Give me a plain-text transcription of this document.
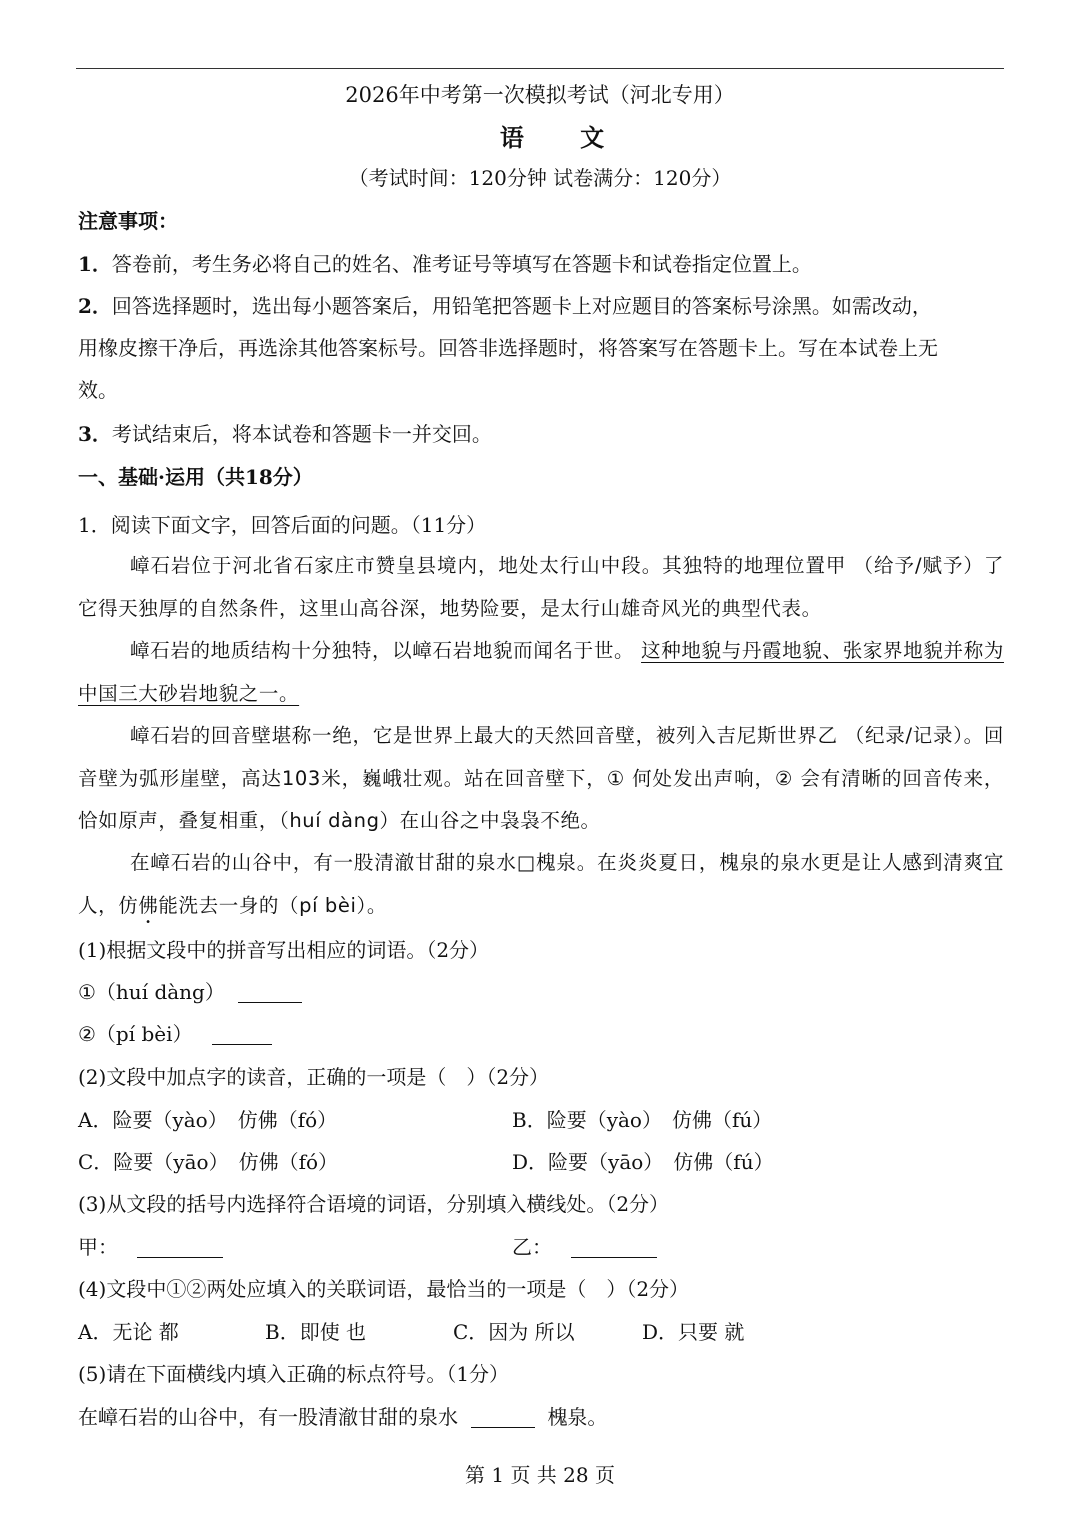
2026年中考第一次模拟考试（河北专用）
语 文
（考试时间：120分钟 试卷满分：120分）
注意事项：
1．答卷前，考生务必将自己的姓名、准考证号等填写在答题卡和试卷指定位置上。
2．回答选择题时，选出每小题答案后，用铅笔把答题卡上对应题目的答案标号涂黑。如需改动，
用橡皮擦干净后，再选涂其他答案标号。回答非选择题时，将答案写在答题卡上。写在本试卷上无
效。
3．考试结束后，将本试卷和答题卡一并交回。
一、基础·运用（共18分）
1．阅读下面文字，回答后面的问题。（11分）
嶂石岩位于河北省石家庄市赞皇县境内，地处太行山中段。其独特的地理位置甲 （给予/赋予）了它得天独厚的自然条件，这里山高谷深，地势险要，是太行山雄奇风光的典型代表。
嶂石岩的地质结构十分独特，以嶂石岩地貌而闻名于世。 这种地貌与丹霞地貌、张家界地貌并称为中国三大砂岩地貌之一。
嶂石岩的回音壁堪称一绝，它是世界上最大的天然回音壁，被列入吉尼斯世界乙 （纪录/记录）。回音壁为弧形崖壁，高达103米，巍峨壮观。站在回音壁下，① 何处发出声响，② 会有清晰的回音传来，恰如原声，叠复相重，（huí dàng）在山谷之中袅袅不绝。
在嶂石岩的山谷中，有一股清澈甘甜的泉水□槐泉。在炎炎夏日，槐泉的泉水更是让人感到清爽宜人，仿佛能洗去一身的（pí bèi）。
(1)根据文段中的拼音写出相应的词语。（2分）
①（huí dàng）
②（pí bèi）
(2)文段中加点字的读音，正确的一项是（　）（2分）
A．险要（yào）　仿佛（fó）	B．险要（yào）　仿佛（fú）
C．险要（yāo）　仿佛（fó）	D．险要（yāo）　仿佛（fú）
(3)从文段的括号内选择符合语境的词语，分别填入横线处。（2分）
甲：	乙：
(4)文段中①②两处应填入的关联词语，最恰当的一项是（　）（2分）
A．无论 都	B．即使 也	C．因为 所以	D．只要 就
(5)请在下面横线内填入正确的标点符号。（1分）
在嶂石岩的山谷中，有一股清澈甘甜的泉水	槐泉。
第 1 页 共 28 页
